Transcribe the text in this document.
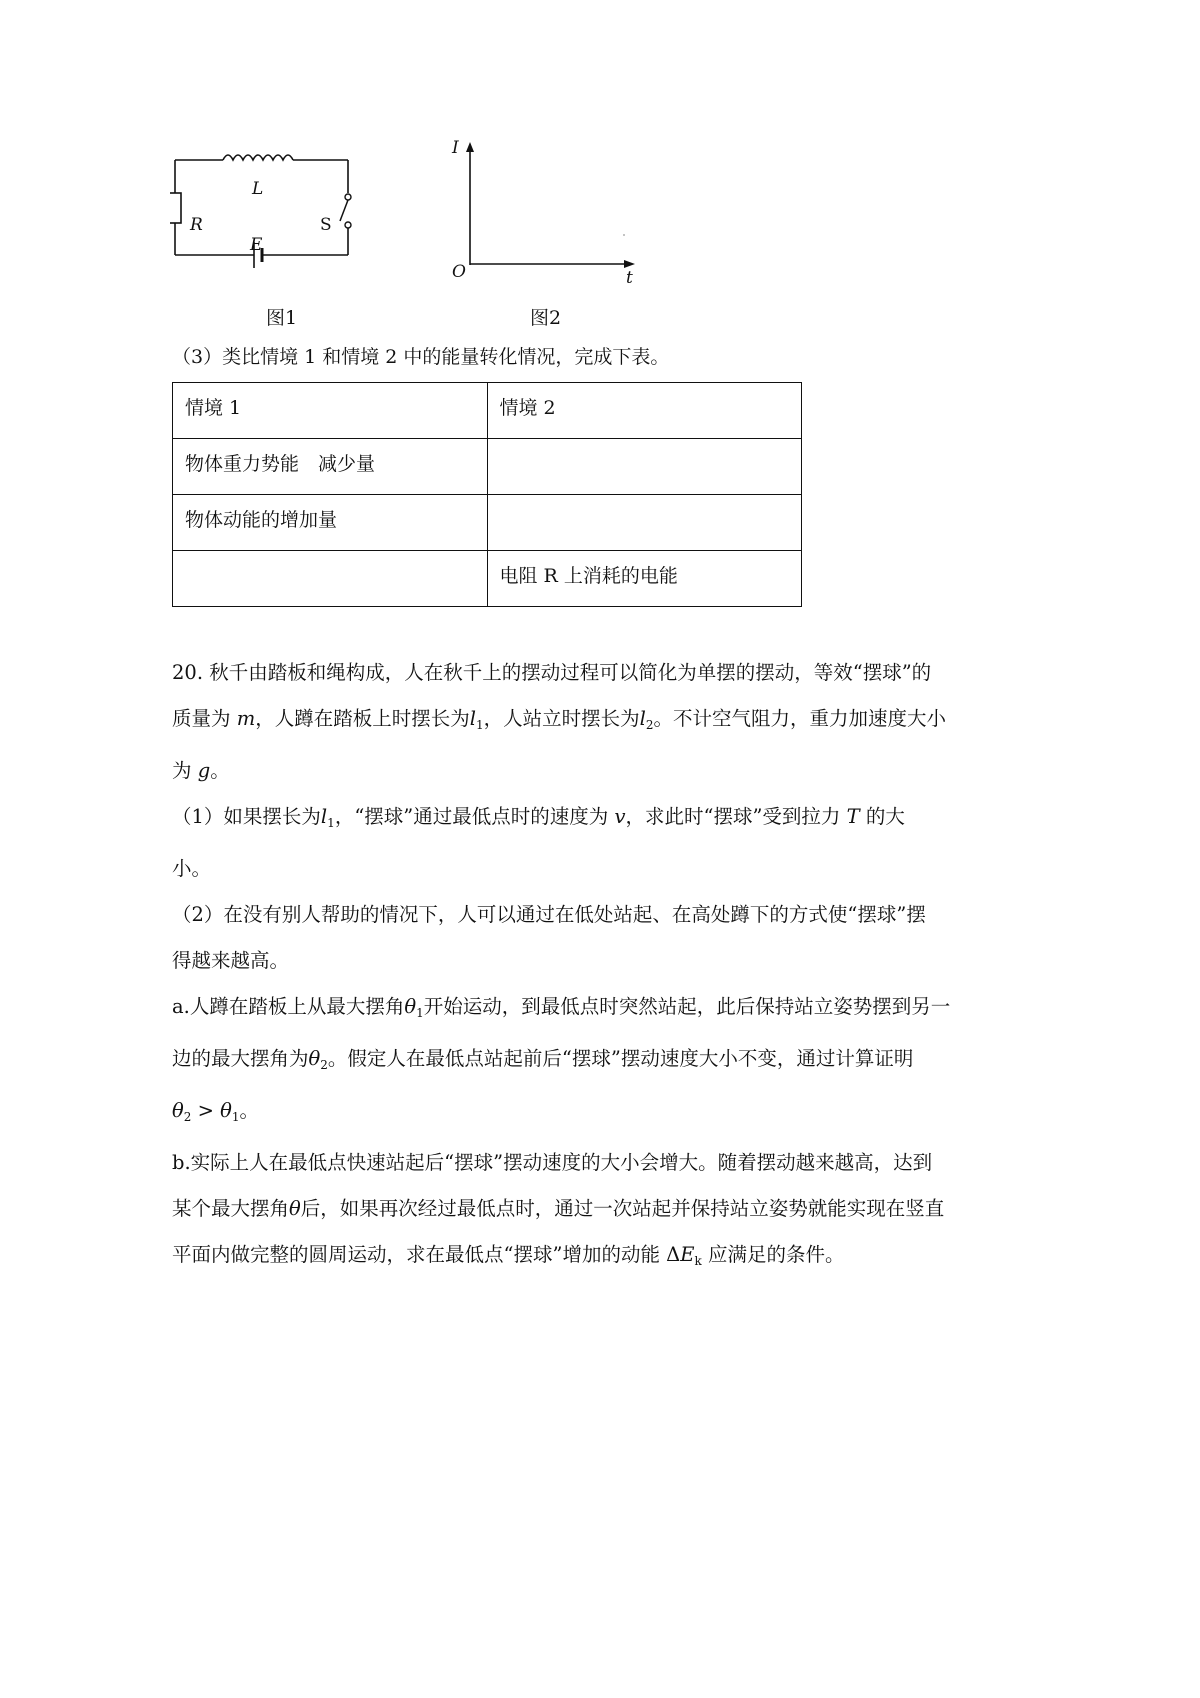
L
R	S
E
图1
I
O	t
图2
（3）类比情境 1 和情境 2 中的能量转化情况，完成下表。
情境 1	情境 2
物体重力势能　减少量	
物体动能的增加量	
	电阻 R 上消耗的电能

20. 秋千由踏板和绳构成，人在秋千上的摆动过程可以简化为单摆的摆动，等效“摆球”的

质量为 m，人蹲在踏板上时摆长为$l_1$，人站立时摆长为$l_2$。不计空气阻力，重力加速度大小

为 g。

（1）如果摆长为$l_1$，“摆球”通过最低点时的速度为 v，求此时“摆球”受到拉力 T 的大

小。

（2）在没有别人帮助的情况下，人可以通过在低处站起、在高处蹲下的方式使“摆球”摆

得越来越高。

a.人蹲在踏板上从最大摆角$\theta_1$开始运动，到最低点时突然站起，此后保持站立姿势摆到另一

边的最大摆角为$\theta_2$。假定人在最低点站起前后“摆球”摆动速度大小不变，通过计算证明

$\theta_2 > \theta_1$。

b.实际上人在最低点快速站起后“摆球”摆动速度的大小会增大。随着摆动越来越高，达到

某个最大摆角θ后，如果再次经过最低点时，通过一次站起并保持站立姿势就能实现在竖直

平面内做完整的圆周运动，求在最低点“摆球”增加的动能 $\Delta E_k$ 应满足的条件。
